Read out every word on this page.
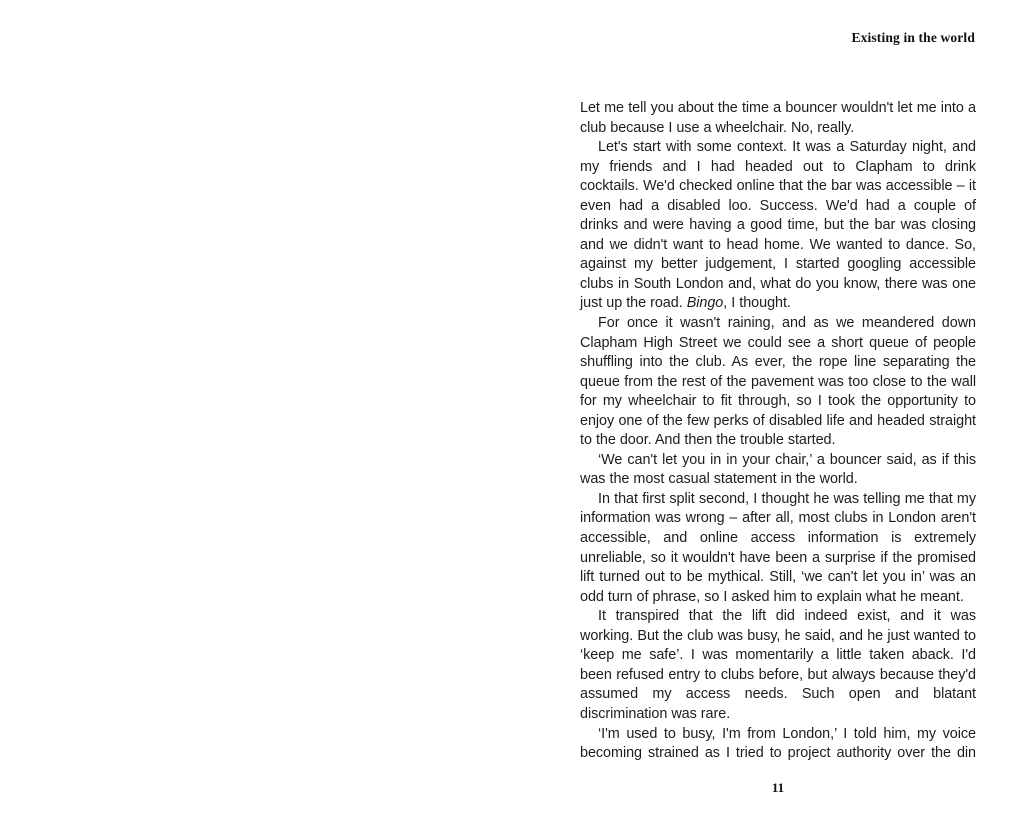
Existing in the world

Let me tell you about the time a bouncer wouldn't let me into a club because I use a wheelchair. No, really.

Let's start with some context. It was a Saturday night, and my friends and I had headed out to Clapham to drink cocktails. We'd checked online that the bar was accessible – it even had a disabled loo. Success. We'd had a couple of drinks and were having a good time, but the bar was closing and we didn't want to head home. We wanted to dance. So, against my better judgement, I started googling accessible clubs in South London and, what do you know, there was one just up the road. Bingo, I thought.

For once it wasn't raining, and as we meandered down Clapham High Street we could see a short queue of people shuffling into the club. As ever, the rope line separating the queue from the rest of the pavement was too close to the wall for my wheelchair to fit through, so I took the opportunity to enjoy one of the few perks of disabled life and headed straight to the door. And then the trouble started.

‘We can't let you in in your chair,’ a bouncer said, as if this was the most casual statement in the world.

In that first split second, I thought he was telling me that my information was wrong – after all, most clubs in London aren't accessible, and online access information is extremely unreliable, so it wouldn't have been a surprise if the promised lift turned out to be mythical. Still, ‘we can't let you in’ was an odd turn of phrase, so I asked him to explain what he meant.

It transpired that the lift did indeed exist, and it was working. But the club was busy, he said, and he just wanted to ‘keep me safe’. I was momentarily a little taken aback. I'd been refused entry to clubs before, but always because they'd assumed my access needs. Such open and blatant discrimination was rare.

‘I'm used to busy, I'm from London,’ I told him, my voice becoming strained as I tried to project authority over the din

11
